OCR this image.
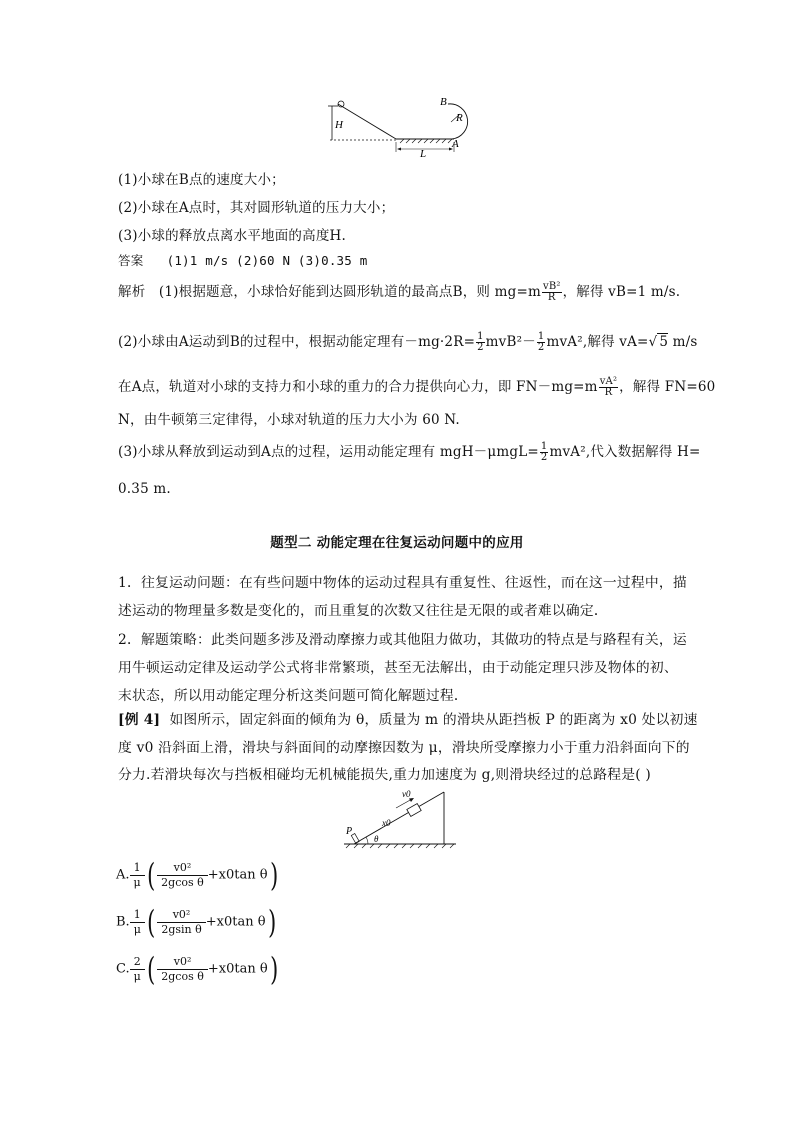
H
L
B
R
A
(1)小球在B点的速度大小；
(2)小球在A点时，其对圆形轨道的压力大小；
(3)小球的释放点离水平地面的高度H.
答案 (1)1 m/s (2)60 N (3)0.35 m
解析 (1)根据题意，小球恰好能到达圆形轨道的最高点B，则 $mg=m \frac{\text{vB²}}{R}$ ，解得 vB=1 m/s.
(2)小球由A运动到B的过程中，根据动能定理有$-mg\cdot 2R= \frac{1}{2} mvB^2- \frac{1}{2} mvA^2$,解得 vA=√ 5 m/s
在A点，轨道对小球的支持力和小球的重力的合力提供向心力，即 $FN-mg=m \frac{\text{vA²}}{R}$ ，解得 FN=60
N，由牛顿第三定律得，小球对轨道的压力大小为 60 N.
(3)小球从释放到运动到A点的过程，运用动能定理有 $mgH-\mu mgL= \frac{1}{2} mvA^2$,代入数据解得 H=
0.35 m.
题型二 动能定理在往复运动问题中的应用
1．往复运动问题：在有些问题中物体的运动过程具有重复性、往返性，而在这一过程中，描
述运动的物理量多数是变化的，而且重复的次数又往往是无限的或者难以确定．
2．解题策略：此类问题多涉及滑动摩擦力或其他阻力做功，其做功的特点是与路程有关，运
用牛顿运动定律及运动学公式将非常繁琐，甚至无法解出，由于动能定理只涉及物体的初、
末状态，所以用动能定理分析这类问题可简化解题过程．
[例 4] 如图所示，固定斜面的倾角为 θ，质量为 m 的滑块从距挡板 P 的距离为 x0 处以初速
度 v0 沿斜面上滑，滑块与斜面间的动摩擦因数为 μ，滑块所受摩擦力小于重力沿斜面向下的
分力.若滑块每次与挡板相碰均无机械能损失,重力加速度为 g,则滑块经过的总路程是( )
v0
x0
P
θ
A. $\frac{1}{\mu}$ ( $\frac{\text{v0²}}{\text{2gcos θ}} +x0\tan$ θ)
B. $\frac{1}{\mu}$ ( $\frac{\text{v0²}}{\text{2gsin θ}} +x0\tan$ θ)
C. $\frac{2}{\mu}$ ( $\frac{\text{v0²}}{\text{2gcos θ}} +x0\tan$ θ)
